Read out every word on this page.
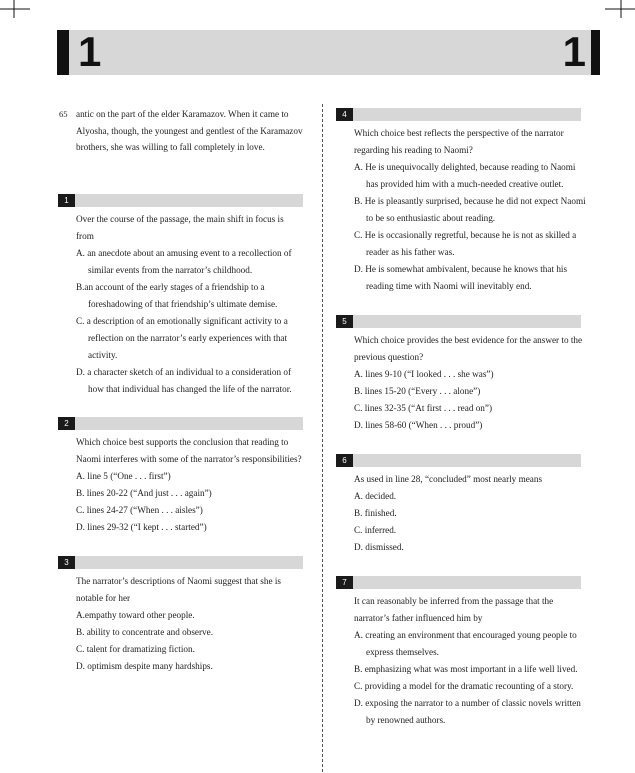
1	1
65 antic on the part of the elder Karamazov. When it came to Alyosha, though, the youngest and gentlest of the Karamazov brothers, she was willing to fall completely in love.
1
Over the course of the passage, the main shift in focus is from
A. an anecdote about an amusing event to a recollection of similar events from the narrator’s childhood.
B.an account of the early stages of a friendship to a foreshadowing of that friendship’s ultimate demise.
C. a description of an emotionally significant activity to a reflection on the narrator’s early experiences with that activity.
D. a character sketch of an individual to a consideration of how that individual has changed the life of the narrator.
2
Which choice best supports the conclusion that reading to Naomi interferes with some of the narrator’s responsibilities?
A. line 5 (“One . . . first”)
B. lines 20-22 (“And just . . . again”)
C. lines 24-27 (“When . . . aisles”)
D. lines 29-32 (“I kept . . . started”)
3
The narrator’s descriptions of Naomi suggest that she is notable for her
A.empathy toward other people.
B. ability to concentrate and observe.
C. talent for dramatizing fiction.
D. optimism despite many hardships.
4
Which choice best reflects the perspective of the narrator regarding his reading to Naomi?
A. He is unequivocally delighted, because reading to Naomi has provided him with a much-needed creative outlet.
B. He is pleasantly surprised, because he did not expect Naomi to be so enthusiastic about reading.
C. He is occasionally regretful, because he is not as skilled a reader as his father was.
D. He is somewhat ambivalent, because he knows that his reading time with Naomi will inevitably end.
5
Which choice provides the best evidence for the answer to the previous question?
A. lines 9-10 (“I looked . . . she was”)
B. lines 15-20 (“Every . . . alone”)
C. lines 32-35 (“At first . . . read on”)
D. lines 58-60 (“When . . . proud”)
6
As used in line 28, “concluded” most nearly means
A. decided.
B. finished.
C. inferred.
D. dismissed.
7
It can reasonably be inferred from the passage that the narrator’s father influenced him by
A. creating an environment that encouraged young people to express themselves.
B. emphasizing what was most important in a life well lived.
C. providing a model for the dramatic recounting of a story.
D. exposing the narrator to a number of classic novels written by renowned authors.
